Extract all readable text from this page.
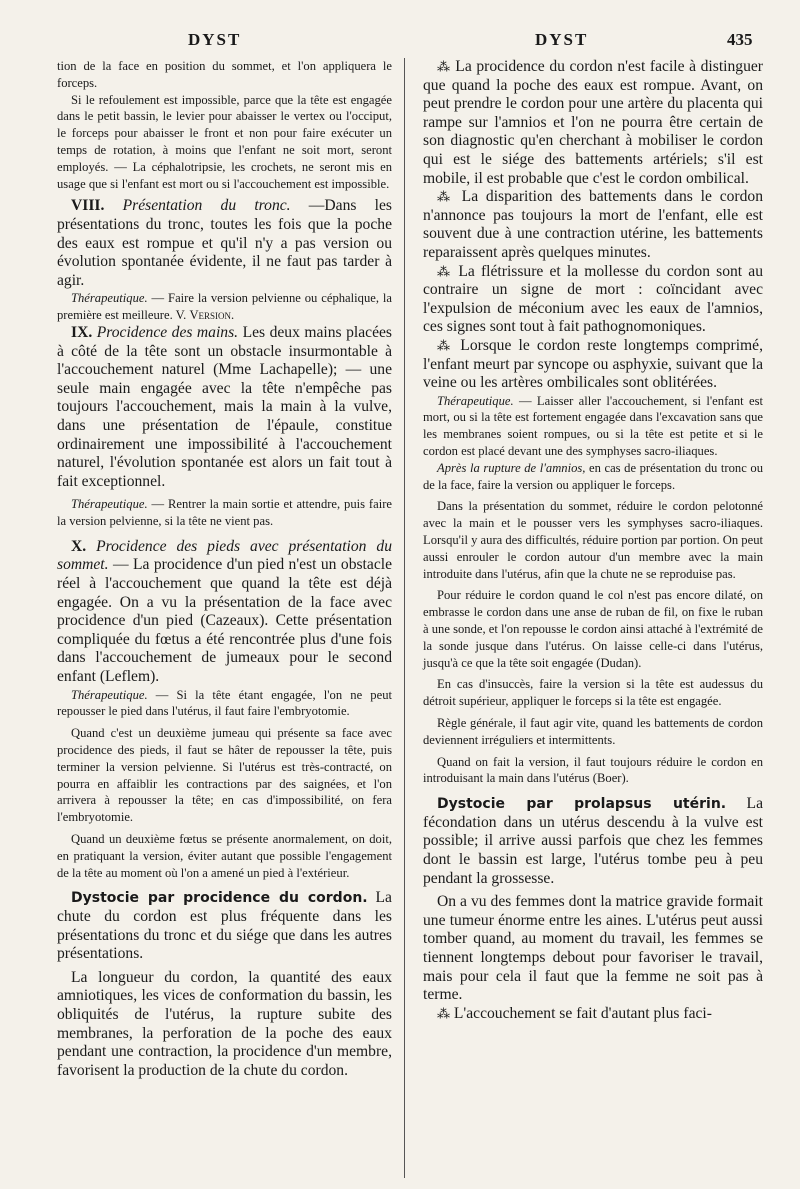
DYST	DYST	435

tion de la face en position du sommet, et l'on appliquera le forceps.

Si le refoulement est impossible, parce que la tête est engagée dans le petit bassin, le levier pour abaisser le vertex ou l'occiput, le forceps pour abaisser le front et non pour faire exécuter un temps de rotation, à moins que l'enfant ne soit mort, seront employés. — La céphalotripsie, les crochets, ne seront mis en usage que si l'enfant est mort ou si l'accouchement est impossible.

VIII. Présentation du tronc. —Dans les présentations du tronc, toutes les fois que la poche des eaux est rompue et qu'il n'y a pas version ou évolution spontanée évidente, il ne faut pas tarder à agir.

Thérapeutique. — Faire la version pelvienne ou céphalique, la première est meilleure. V. Version.

IX. Procidence des mains. Les deux mains placées à côté de la tête sont un obstacle insurmontable à l'accouchement naturel (Mme Lachapelle); — une seule main engagée avec la tête n'empêche pas toujours l'accouchement, mais la main à la vulve, dans une présentation de l'épaule, constitue ordinairement une impossibilité à l'accouchement naturel, l'évolution spontanée est alors un fait tout à fait exceptionnel.

Thérapeutique. — Rentrer la main sortie et attendre, puis faire la version pelvienne, si la tête ne vient pas.

X. Procidence des pieds avec présentation du sommet. — La procidence d'un pied n'est un obstacle réel à l'accouchement que quand la tête est déjà engagée. On a vu la présentation de la face avec procidence d'un pied (Cazeaux). Cette présentation compliquée du fœtus a été rencontrée plus d'une fois dans l'accouchement de jumeaux pour le second enfant (Leflem).

Thérapeutique. — Si la tête étant engagée, l'on ne peut repousser le pied dans l'utérus, il faut faire l'embryotomie.

Quand c'est un deuxième jumeau qui présente sa face avec procidence des pieds, il faut se hâter de repousser la tête, puis terminer la version pelvienne. Si l'utérus est très-contracté, on pourra en affaiblir les contractions par des saignées, et l'on arrivera à repousser la tête; en cas d'impossibilité, on fera l'embryotomie.

Quand un deuxième fœtus se présente anormalement, on doit, en pratiquant la version, éviter autant que possible l'engagement de la tête au moment où l'on a amené un pied à l'extérieur.

Dystocie par procidence du cordon. La chute du cordon est plus fréquente dans les présentations du tronc et du siége que dans les autres présentations.

La longueur du cordon, la quantité des eaux amniotiques, les vices de conformation du bassin, les obliquités de l'utérus, la rupture subite des membranes, la perforation de la poche des eaux pendant une contraction, la procidence d'un membre, favorisent la production de la chute du cordon.

⁂ La procidence du cordon n'est facile à distinguer que quand la poche des eaux est rompue. Avant, on peut prendre le cordon pour une artère du placenta qui rampe sur l'amnios et l'on ne pourra être certain de son diagnostic qu'en cherchant à mobiliser le cordon qui est le siége des battements artériels; s'il est mobile, il est probable que c'est le cordon ombilical.

⁂ La disparition des battements dans le cordon n'annonce pas toujours la mort de l'enfant, elle est souvent due à une contraction utérine, les battements reparaissent après quelques minutes.

⁂ La flétrissure et la mollesse du cordon sont au contraire un signe de mort : coïncidant avec l'expulsion de méconium avec les eaux de l'amnios, ces signes sont tout à fait pathognomoniques.

⁂ Lorsque le cordon reste longtemps comprimé, l'enfant meurt par syncope ou asphyxie, suivant que la veine ou les artères ombilicales sont oblitérées.

Thérapeutique. — Laisser aller l'accouchement, si l'enfant est mort, ou si la tête est fortement engagée dans l'excavation sans que les membranes soient rompues, ou si la tête est petite et si le cordon est placé devant une des symphyses sacro-iliaques.

Après la rupture de l'amnios, en cas de présentation du tronc ou de la face, faire la version ou appliquer le forceps.

Dans la présentation du sommet, réduire le cordon pelotonné avec la main et le pousser vers les symphyses sacro-iliaques. Lorsqu'il y aura des difficultés, réduire portion par portion. On peut aussi enrouler le cordon autour d'un membre avec la main introduite dans l'utérus, afin que la chute ne se reproduise pas.

Pour réduire le cordon quand le col n'est pas encore dilaté, on embrasse le cordon dans une anse de ruban de fil, on fixe le ruban à une sonde, et l'on repousse le cordon ainsi attaché à l'extrémité de la sonde jusque dans l'utérus. On laisse celle-ci dans l'utérus, jusqu'à ce que la tête soit engagée (Dudan).

En cas d'insuccès, faire la version si la tête est audessus du détroit supérieur, appliquer le forceps si la tête est engagée.

Règle générale, il faut agir vite, quand les battements de cordon deviennent irréguliers et intermittents.

Quand on fait la version, il faut toujours réduire le cordon en introduisant la main dans l'utérus (Boer).

Dystocie par prolapsus utérin. La fécondation dans un utérus descendu à la vulve est possible; il arrive aussi parfois que chez les femmes dont le bassin est large, l'utérus tombe peu à peu pendant la grossesse.

On a vu des femmes dont la matrice gravide formait une tumeur énorme entre les aines. L'utérus peut aussi tomber quand, au moment du travail, les femmes se tiennent longtemps debout pour favoriser le travail, mais pour cela il faut que la femme ne soit pas à terme.

⁂ L'accouchement se fait d'autant plus faci-
